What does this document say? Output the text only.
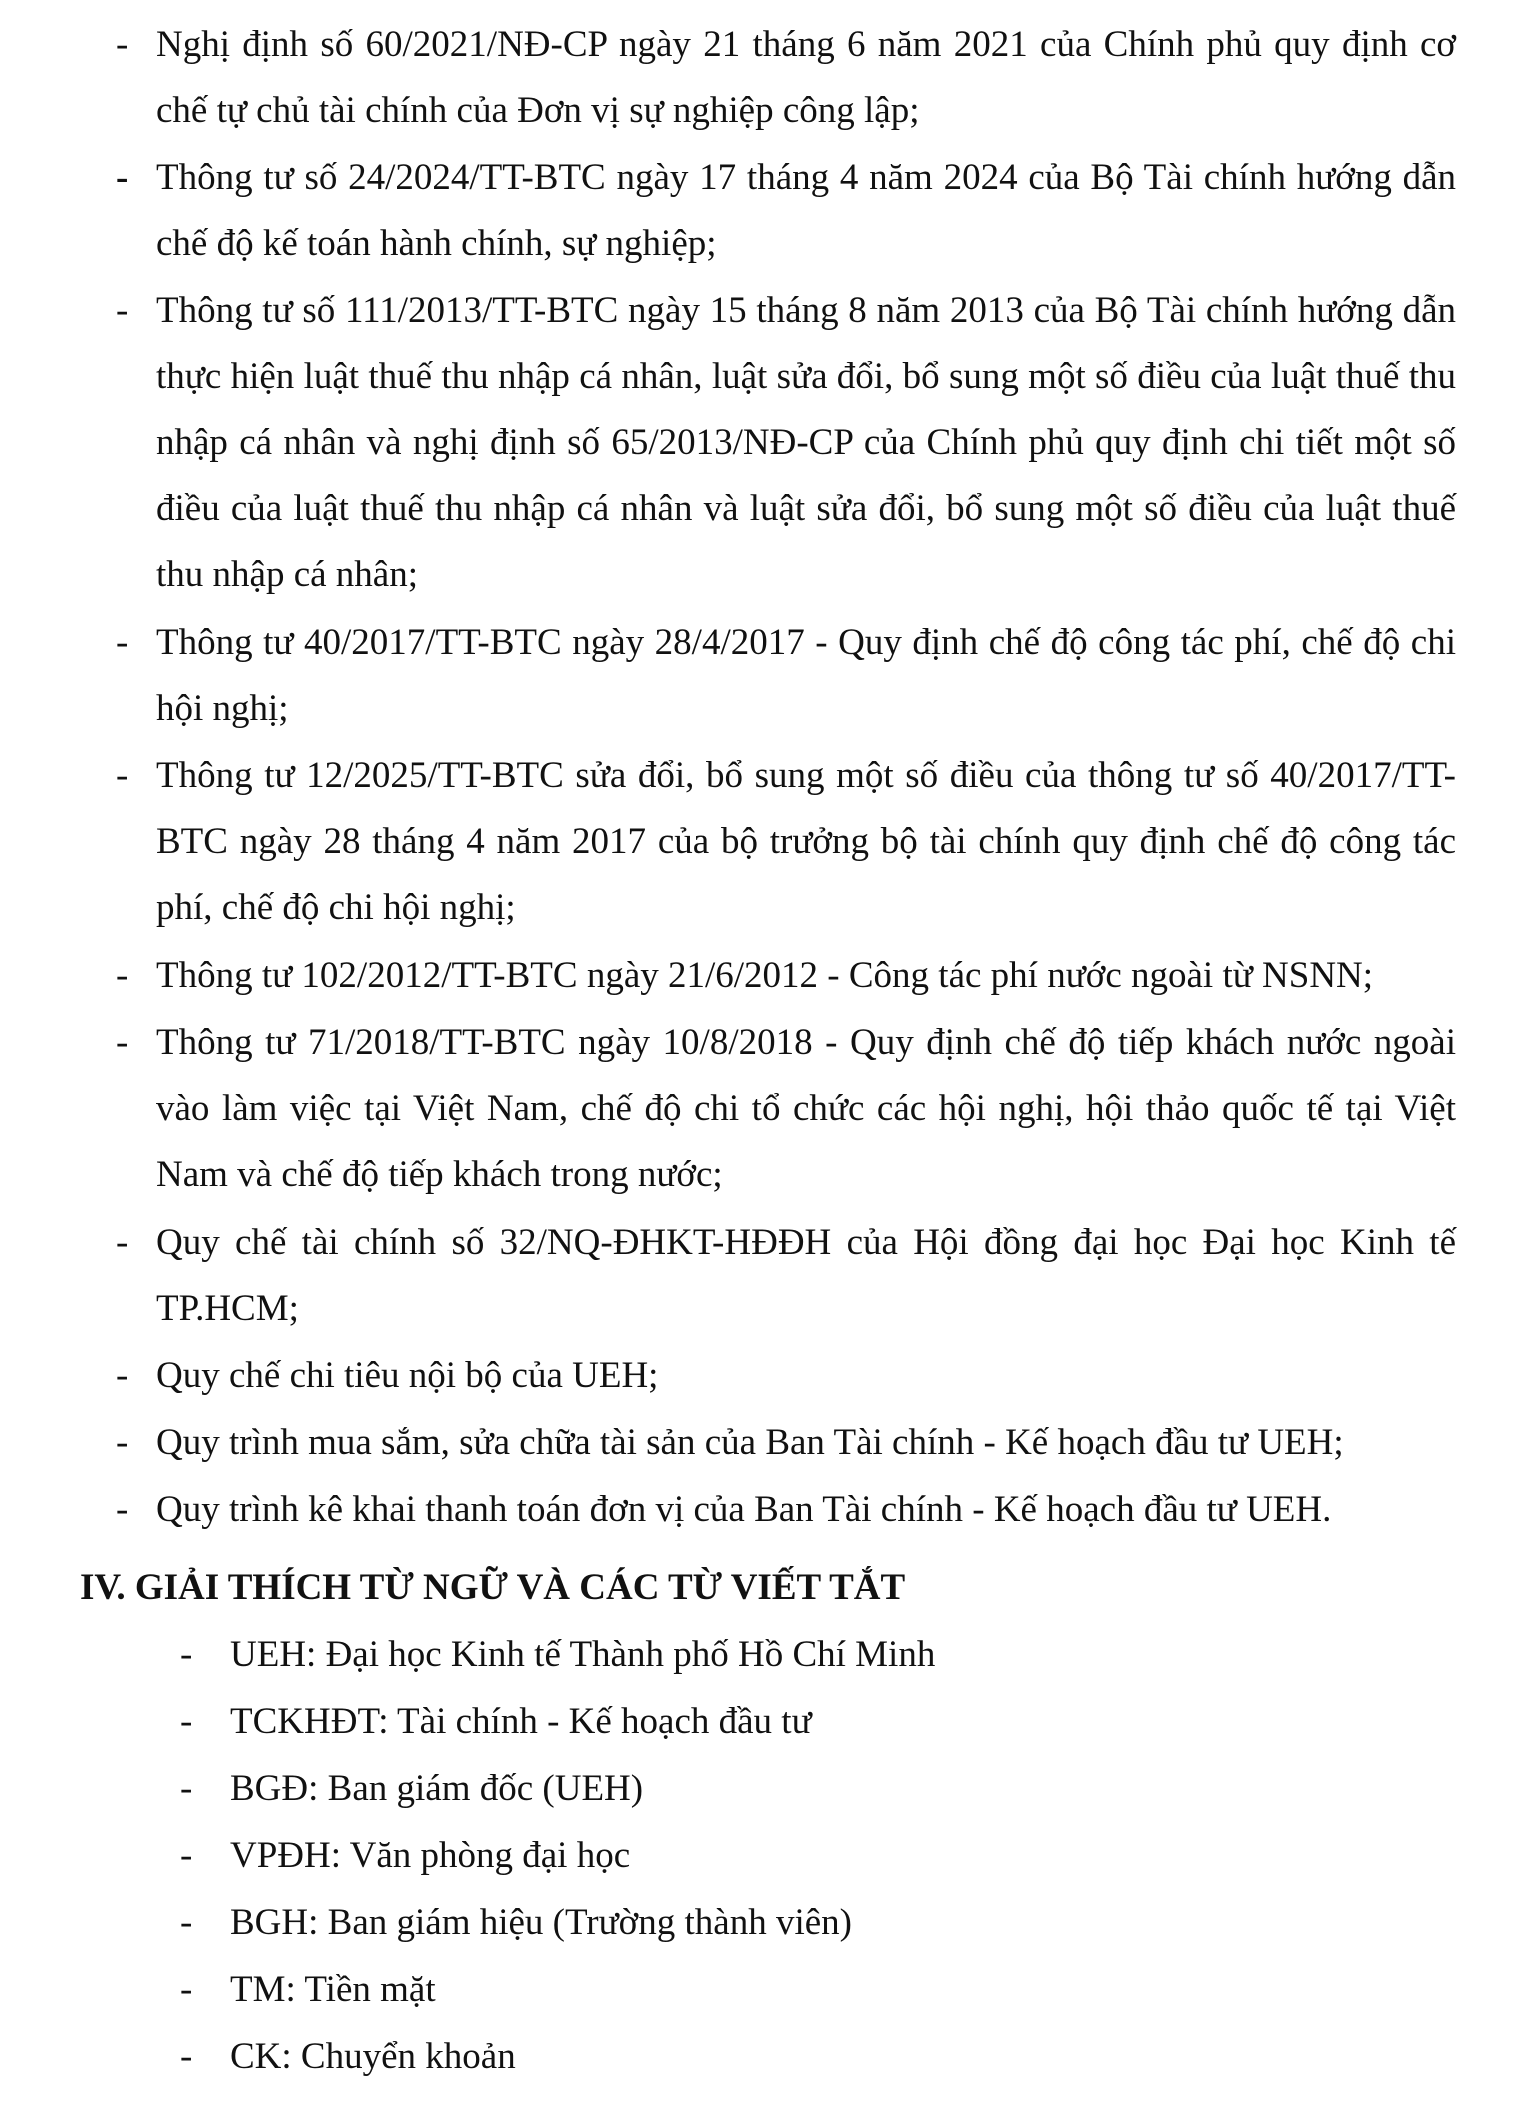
- Nghị định số 60/2021/NĐ-CP ngày 21 tháng 6 năm 2021 của Chính phủ quy định cơ chế tự chủ tài chính của Đơn vị sự nghiệp công lập;
- Thông tư số 24/2024/TT-BTC ngày 17 tháng 4 năm 2024 của Bộ Tài chính hướng dẫn chế độ kế toán hành chính, sự nghiệp;
- Thông tư số 111/2013/TT-BTC ngày 15 tháng 8 năm 2013 của Bộ Tài chính hướng dẫn thực hiện luật thuế thu nhập cá nhân, luật sửa đổi, bổ sung một số điều của luật thuế thu nhập cá nhân và nghị định số 65/2013/NĐ-CP của Chính phủ quy định chi tiết một số điều của luật thuế thu nhập cá nhân và luật sửa đổi, bổ sung một số điều của luật thuế thu nhập cá nhân;
- Thông tư 40/2017/TT-BTC ngày 28/4/2017 - Quy định chế độ công tác phí, chế độ chi hội nghị;
- Thông tư 12/2025/TT-BTC sửa đổi, bổ sung một số điều của thông tư số 40/2017/TT-BTC ngày 28 tháng 4 năm 2017 của bộ trưởng bộ tài chính quy định chế độ công tác phí, chế độ chi hội nghị;
- Thông tư 102/2012/TT-BTC ngày 21/6/2012 - Công tác phí nước ngoài từ NSNN;
- Thông tư 71/2018/TT-BTC ngày 10/8/2018 - Quy định chế độ tiếp khách nước ngoài vào làm việc tại Việt Nam, chế độ chi tổ chức các hội nghị, hội thảo quốc tế tại Việt Nam và chế độ tiếp khách trong nước;
- Quy chế tài chính số 32/NQ-ĐHKT-HĐĐH của Hội đồng đại học Đại học Kinh tế TP.HCM;
- Quy chế chi tiêu nội bộ của UEH;
- Quy trình mua sắm, sửa chữa tài sản của Ban Tài chính - Kế hoạch đầu tư UEH;
- Quy trình kê khai thanh toán đơn vị của Ban Tài chính - Kế hoạch đầu tư UEH.
IV. GIẢI THÍCH TỪ NGỮ VÀ CÁC TỪ VIẾT TẮT
- UEH: Đại học Kinh tế Thành phố Hồ Chí Minh
- TCKHĐT: Tài chính - Kế hoạch đầu tư
- BGĐ: Ban giám đốc (UEH)
- VPĐH: Văn phòng đại học
- BGH: Ban giám hiệu (Trường thành viên)
- TM: Tiền mặt
- CK: Chuyển khoản
